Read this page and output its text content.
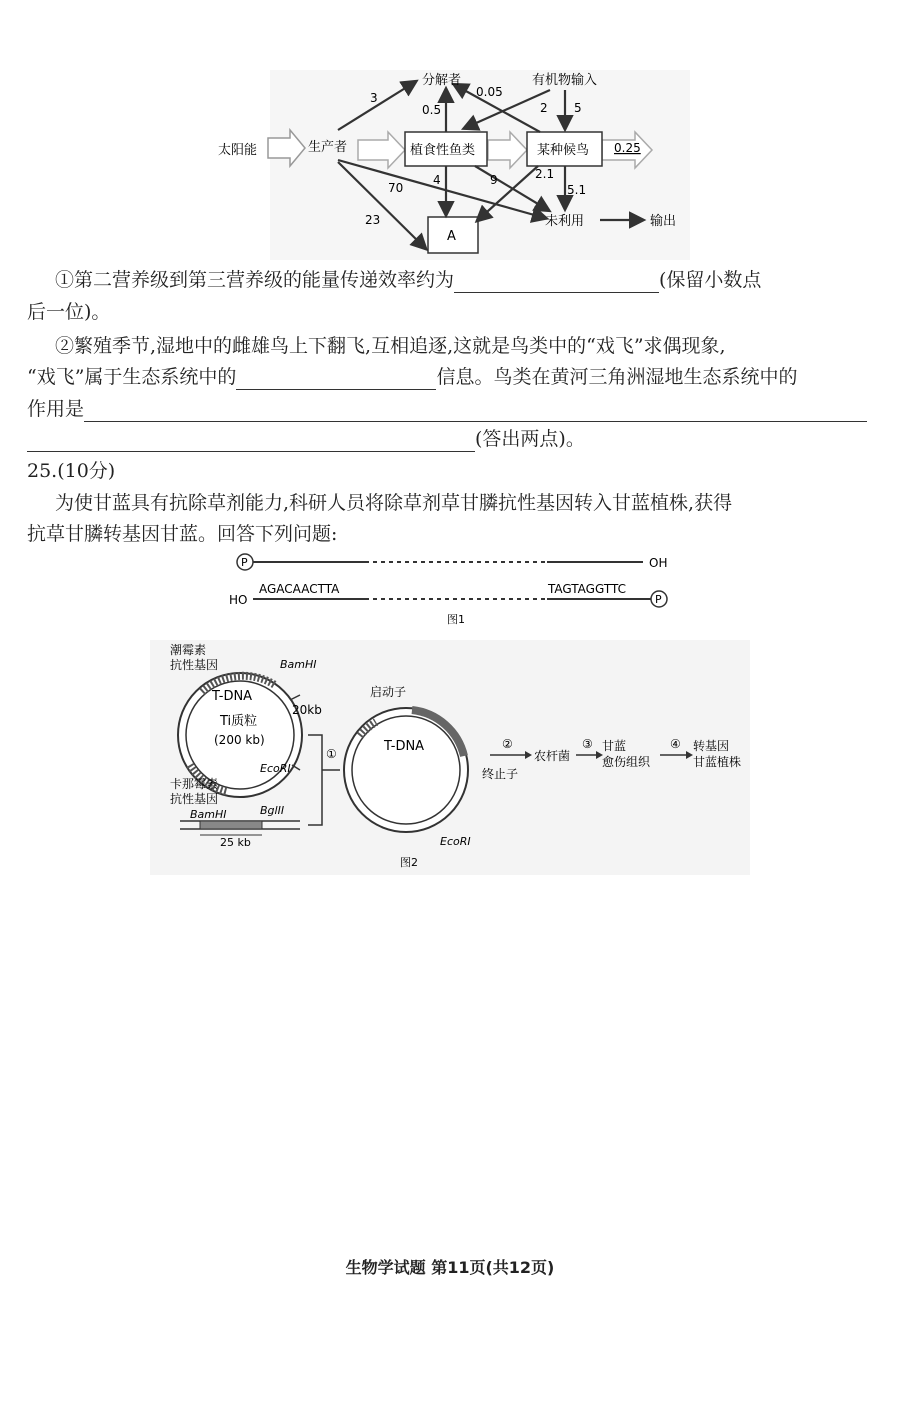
太阳能	生产者
分解者	有机物输入
植食性鱼类	某种候鸟
未利用	输出
A
3
0.5
0.05
2 5
0.25
4	9	2.1
70	5.1
23
①第二营养级到第三营养级的能量传递效率约为	(保留小数点
后一位)。
②繁殖季节,湿地中的雌雄鸟上下翻飞,互相追逐,这就是鸟类中的“戏飞”求偶现象,
“戏飞”属于生态系统中的	信息。鸟类在黄河三角洲湿地生态系统中的
作用是
(答出两点)。
25.(10分)
为使甘蓝具有抗除草剂能力,科研人员将除草剂草甘膦抗性基因转入甘蓝植株,获得
抗草甘膦转基因甘蓝。回答下列问题:
P	OH
HO
AGACAACTTA	TAGTAGGTTC
P
图1
潮霉素
抗性基因	BamHI
T-DNA
Ti质粒
(200 kb)
20kb
EcoRI
卡那霉素
抗性基因
BamHI	BglII
25 kb
①
启动子
T-DNA
终止子
EcoRI
②
农杆菌
③ 甘蓝
愈伤组织
④ 转基因
甘蓝植株
图2
生物学试题 第11页(共12页)
